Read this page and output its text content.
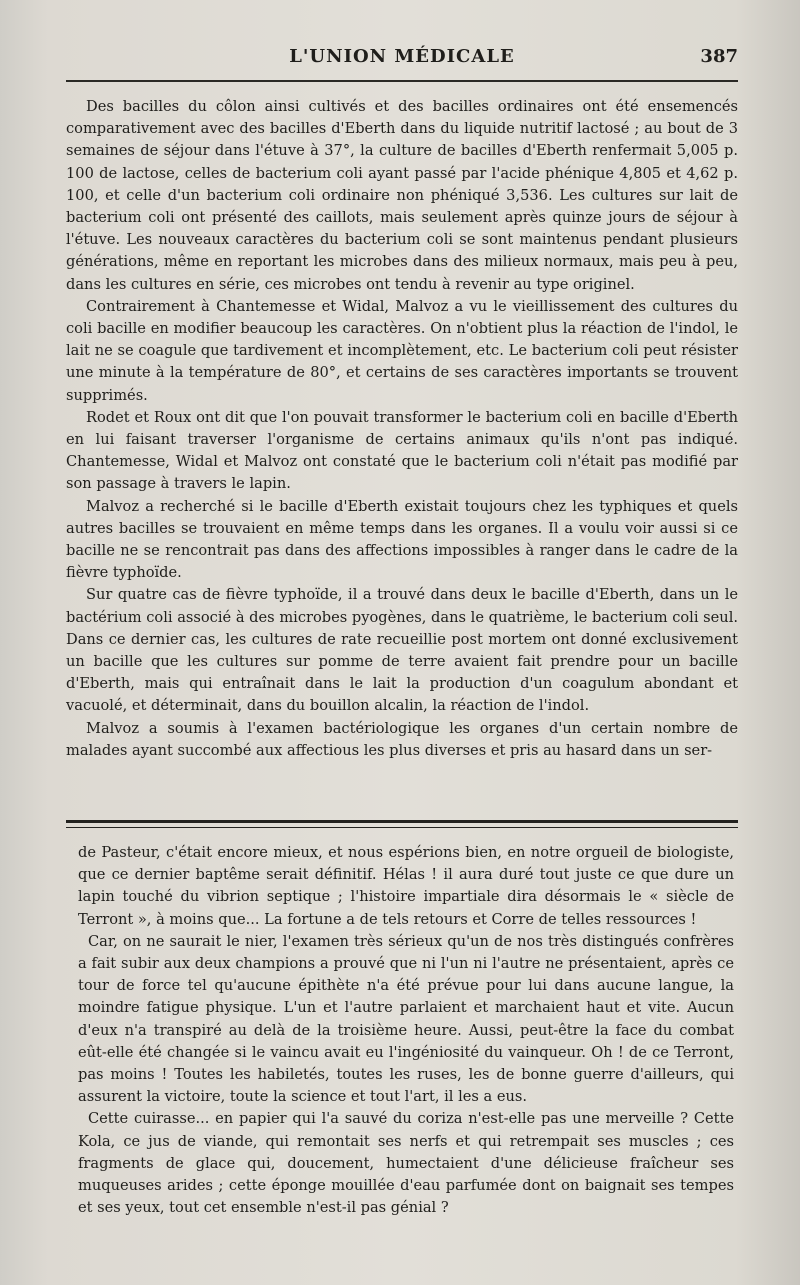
L'UNION MÉDICALE	387

Des bacilles du côlon ainsi cultivés et des bacilles ordinaires ont été ensemencés comparativement avec des bacilles d'Eberth dans du liquide nutritif lactosé ; au bout de 3 semaines de séjour dans l'étuve à 37°, la culture de bacilles d'Eberth renfermait 5,005 p. 100 de lactose, celles de bacterium coli ayant passé par l'acide phénique 4,805 et 4,62 p. 100, et celle d'un bacterium coli ordinaire non phéniqué 3,536. Les cultures sur lait de bacterium coli ont présenté des caillots, mais seulement après quinze jours de séjour à l'étuve. Les nouveaux caractères du bacterium coli se sont maintenus pendant plusieurs générations, même en reportant les microbes dans des milieux normaux, mais peu à peu, dans les cultures en série, ces microbes ont tendu à revenir au type originel.

Contrairement à Chantemesse et Widal, Malvoz a vu le vieillissement des cultures du coli bacille en modifier beaucoup les caractères. On n'obtient plus la réaction de l'indol, le lait ne se coagule que tardivement et incomplètement, etc. Le bacterium coli peut résister une minute à la température de 80°, et certains de ses caractères importants se trouvent supprimés.

Rodet et Roux ont dit que l'on pouvait transformer le bacterium coli en bacille d'Eberth en lui faisant traverser l'organisme de certains animaux qu'ils n'ont pas indiqué. Chantemesse, Widal et Malvoz ont constaté que le bacterium coli n'était pas modifié par son passage à travers le lapin.

Malvoz a recherché si le bacille d'Eberth existait toujours chez les typhiques et quels autres bacilles se trouvaient en même temps dans les organes. Il a voulu voir aussi si ce bacille ne se rencontrait pas dans des affections impossibles à ranger dans le cadre de la fièvre typhoïde.

Sur quatre cas de fièvre typhoïde, il a trouvé dans deux le bacille d'Eberth, dans un le bactérium coli associé à des microbes pyogènes, dans le quatrième, le bacterium coli seul. Dans ce dernier cas, les cultures de rate recueillie post mortem ont donné exclusivement un bacille que les cultures sur pomme de terre avaient fait prendre pour un bacille d'Eberth, mais qui entraînait dans le lait la production d'un coagulum abondant et vacuolé, et déterminait, dans du bouillon alcalin, la réaction de l'indol.

Malvoz a soumis à l'examen bactériologique les organes d'un certain nombre de malades ayant succombé aux affectious les plus diverses et pris au hasard dans un ser-

de Pasteur, c'était encore mieux, et nous espérions bien, en notre orgueil de biologiste, que ce dernier baptême serait définitif. Hélas ! il aura duré tout juste ce que dure un lapin touché du vibrion septique ; l'histoire impartiale dira désormais le « siècle de Terront », à moins que... La fortune a de tels retours et Corre de telles ressources !

Car, on ne saurait le nier, l'examen très sérieux qu'un de nos très distingués confrères a fait subir aux deux champions a prouvé que ni l'un ni l'autre ne présentaient, après ce tour de force tel qu'aucune épithète n'a été prévue pour lui dans aucune langue, la moindre fatigue physique. L'un et l'autre parlaient et marchaient haut et vite. Aucun d'eux n'a transpiré au delà de la troisième heure. Aussi, peut-être la face du combat eût-elle été changée si le vaincu avait eu l'ingéniosité du vainqueur. Oh ! de ce Terront, pas moins ! Toutes les habiletés, toutes les ruses, les de bonne guerre d'ailleurs, qui assurent la victoire, toute la science et tout l'art, il les a eus.

Cette cuirasse... en papier qui l'a sauvé du coriza n'est-elle pas une merveille ? Cette Kola, ce jus de viande, qui remontait ses nerfs et qui retrempait ses muscles ; ces fragments de glace qui, doucement, humectaient d'une délicieuse fraîcheur ses muqueuses arides ; cette éponge mouillée d'eau parfumée dont on baignait ses tempes et ses yeux, tout cet ensemble n'est-il pas génial ?
